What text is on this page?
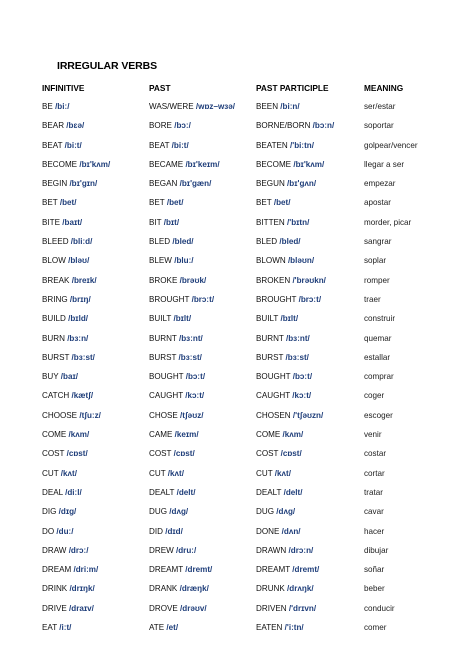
IRREGULAR VERBS
INFINITIVE	PAST	PAST PARTICIPLE	MEANING
BE /biː/	WAS/WERE /wɒz–wɜə/	BEEN /biːn/	ser/estar
BEAR /bɛə/	BORE /bɔː/	BORNE/BORN /bɔːn/	soportar
BEAT /biːt/	BEAT /biːt/	BEATEN /'biːtn/	golpear/vencer
BECOME /bɪ'kʌm/	BECAME /bɪ'keɪm/	BECOME /bɪ'kʌm/	llegar a ser
BEGIN /bɪ'gɪn/	BEGAN /bɪ'gæn/	BEGUN /bɪ'gʌn/	empezar
BET /bet/	BET /bet/	BET /bet/	apostar
BITE /baɪt/	BIT /bɪt/	BITTEN /'bɪtn/	morder, picar
BLEED /bliːd/	BLED /bled/	BLED /bled/	sangrar
BLOW /bləʊ/	BLEW /bluː/	BLOWN /bləʊn/	soplar
BREAK /breɪk/	BROKE /brəʊk/	BROKEN /'brəʊkn/	romper
BRING /brɪŋ/	BROUGHT /brɔːt/	BROUGHT /brɔːt/	traer
BUILD /bɪld/	BUILT /bɪlt/	BUILT /bɪlt/	construir
BURN /bɜːn/	BURNT /bɜːnt/	BURNT /bɜːnt/	quemar
BURST /bɜːst/	BURST /bɜːst/	BURST /bɜːst/	estallar
BUY /baɪ/	BOUGHT /bɔːt/	BOUGHT /bɔːt/	comprar
CATCH /kætʃ/	CAUGHT /kɔːt/	CAUGHT /kɔːt/	coger
CHOOSE /tʃuːz/	CHOSE /tʃəʊz/	CHOSEN /'tʃəʊzn/	escoger
COME /kʌm/	CAME /keɪm/	COME /kʌm/	venir
COST /cɒst/	COST /cɒst/	COST /cɒst/	costar
CUT /kʌt/	CUT /kʌt/	CUT /kʌt/	cortar
DEAL /diːl/	DEALT /delt/	DEALT /delt/	tratar
DIG /dɪg/	DUG /dʌg/	DUG /dʌg/	cavar
DO /duː/	DID /dɪd/	DONE /dʌn/	hacer
DRAW /drɔː/	DREW /druː/	DRAWN /drɔːn/	dibujar
DREAM /driːm/	DREAMT /dremt/	DREAMT /dremt/	soñar
DRINK /drɪŋk/	DRANK /dræŋk/	DRUNK /drʌŋk/	beber
DRIVE /draɪv/	DROVE /drəʊv/	DRIVEN /'drɪvn/	conducir
EAT /iːt/	ATE /et/	EATEN /'iːtn/	comer
